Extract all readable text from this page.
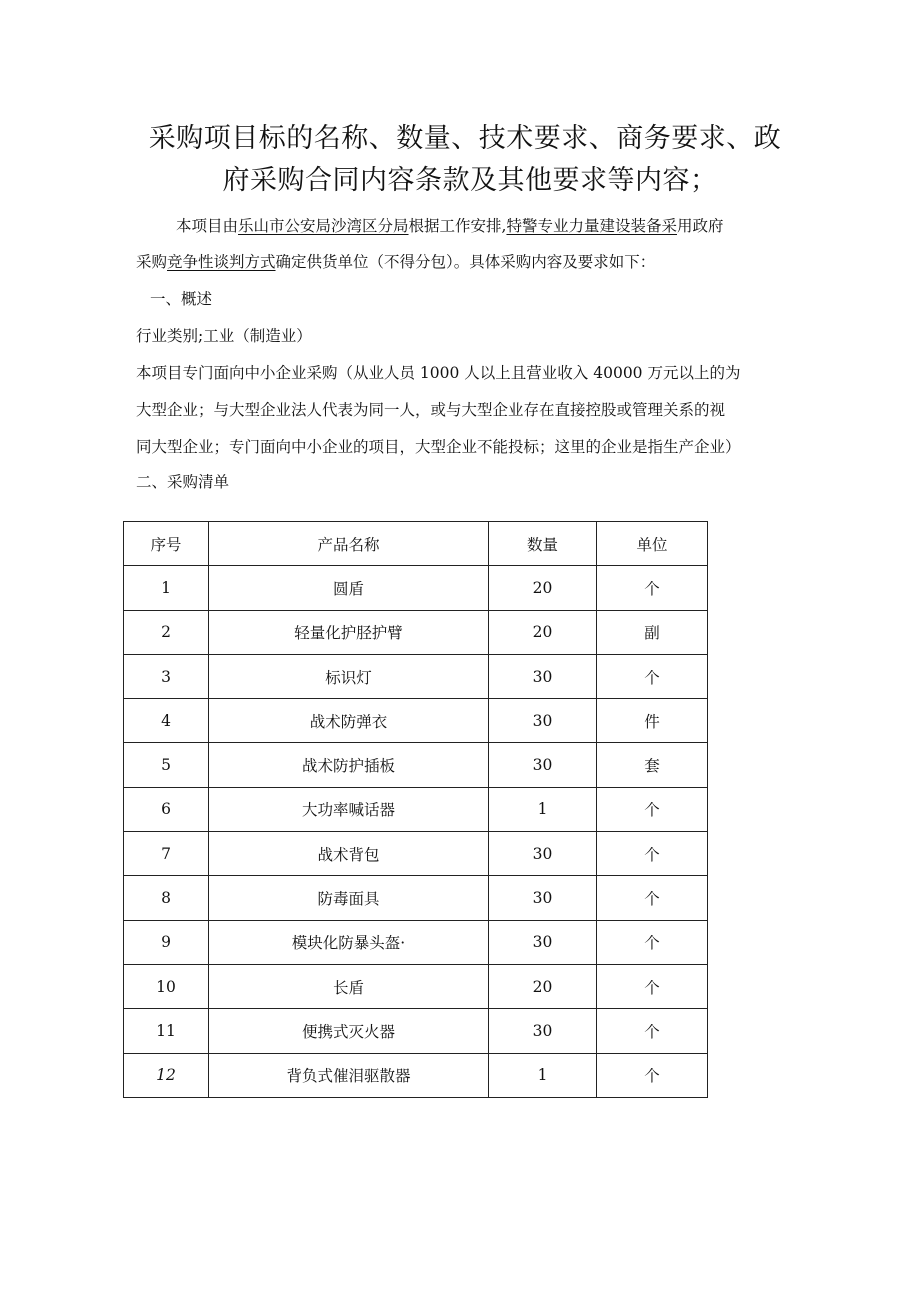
采购项目标的名称、数量、技术要求、商务要求、政
府采购合同内容条款及其他要求等内容；
本项目由乐山市公安局沙湾区分局根据工作安排,特警专业力量建设装备采用政府
采购竞争性谈判方式确定供货单位（不得分包）。具体采购内容及要求如下：
一、概述
行业类别;工业（制造业）
本项目专门面向中小企业采购（从业人员 1000 人以上且营业收入 40000 万元以上的为
大型企业；与大型企业法人代表为同一人，或与大型企业存在直接控股或管理关系的视
同大型企业；专门面向中小企业的项目，大型企业不能投标；这里的企业是指生产企业）
二、采购清单
序号	产品名称	数量	单位
1	圆盾	20	个
2	轻量化护胫护臂	20	副
3	标识灯	30	个
4	战术防弹衣	30	件
5	战术防护插板	30	套
6	大功率喊话器	1	个
7	战术背包	30	个
8	防毒面具	30	个
9	模块化防暴头盔·	30	个
10	长盾	20	个
11	便携式灭火器	30	个
12	背负式催泪驱散器	1	个
